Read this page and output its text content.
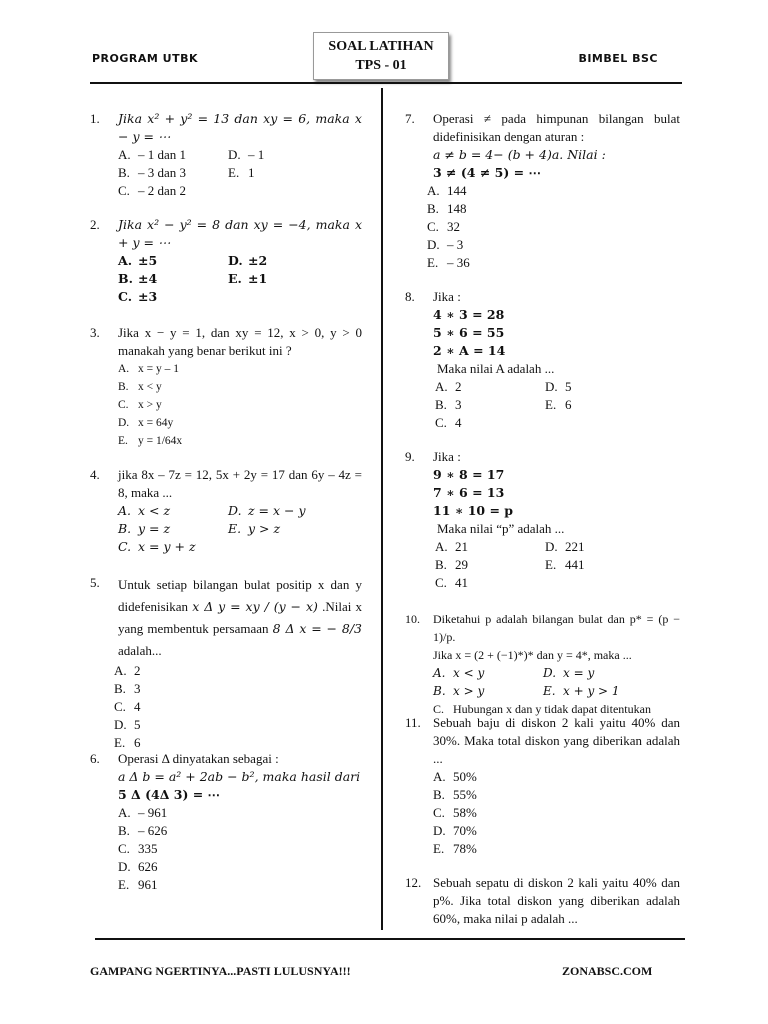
PROGRAM UTBK
SOAL LATIHAN
TPS - 01	BIMBEL BSC
1.	Jika x² + y² = 13 dan xy = 6, maka x − y = ⋯
A. – 1 dan 1	D. – 1
B. – 3 dan 3	E. 1
C. – 2 dan 2
2.	Jika x² − y² = 8 dan xy = −4, maka x + y = ⋯
A. ±5	D. ±2
B. ±4	E. ±1
C. ±3
3.	Jika x − y = 1, dan xy = 12, x > 0, y > 0 manakah yang benar berikut ini ?
A. x = y – 1
B. x < y
C. x > y
D. x = 64y
E. y = 1/64x
4.	jika 8x – 7z = 12, 5x + 2y = 17 dan 6y – 4z = 8, maka ...
A. x < z	D. z = x − y
B. y = z	E. y > z
C. x = y + z
5.	Untuk setiap bilangan bulat positip x dan y didefenisikan x Δ y = xy / (y − x) .Nilai x yang membentuk persamaan 8 Δ x = − 8/3 adalah...
A. 2
B. 3
C. 4
D. 5
E. 6
6.	Operasi Δ dinyatakan sebagai :
a Δ b = a² + 2ab − b², maka hasil dari
5 Δ (4Δ 3) = ⋯
A. – 961
B. – 626
C. 335
D. 626
E. 961
7.	Operasi ≠ pada himpunan bilangan bulat didefinisikan dengan aturan :
a ≠ b = 4− (b + 4)a. Nilai :
3 ≠ (4 ≠ 5) = ⋯
A. 144
B. 148
C. 32
D. – 3
E. – 36
8.	Jika :
4 ∗ 3 = 28
5 ∗ 6 = 55
2 ∗ A = 14
Maka nilai A adalah ...
A. 2	D. 5
B. 3	E. 6
C. 4
9.	Jika :
9 ∗ 8 = 17
7 ∗ 6 = 13
11 ∗ 10 = p
Maka nilai “p” adalah ...
A. 21	D. 221
B. 29	E. 441
C. 41
10.	Diketahui p adalah bilangan bulat dan p* = (p − 1)/p.
Jika x = (2 + (−1)*)* dan y = 4*, maka ...
A. x < y	D. x = y
B. x > y	E. x + y > 1
C. Hubungan x dan y tidak dapat ditentukan
11. Sebuah baju di diskon 2 kali yaitu 40% dan 30%. Maka total diskon yang diberikan adalah ...
A. 50%
B. 55%
C. 58%
D. 70%
E. 78%
12. Sebuah sepatu di diskon 2 kali yaitu 40% dan p%. Jika total diskon yang diberikan adalah 60%, maka nilai p adalah ...
GAMPANG NGERTINYA...PASTI LULUSNYA!!!	ZONABSC.COM
